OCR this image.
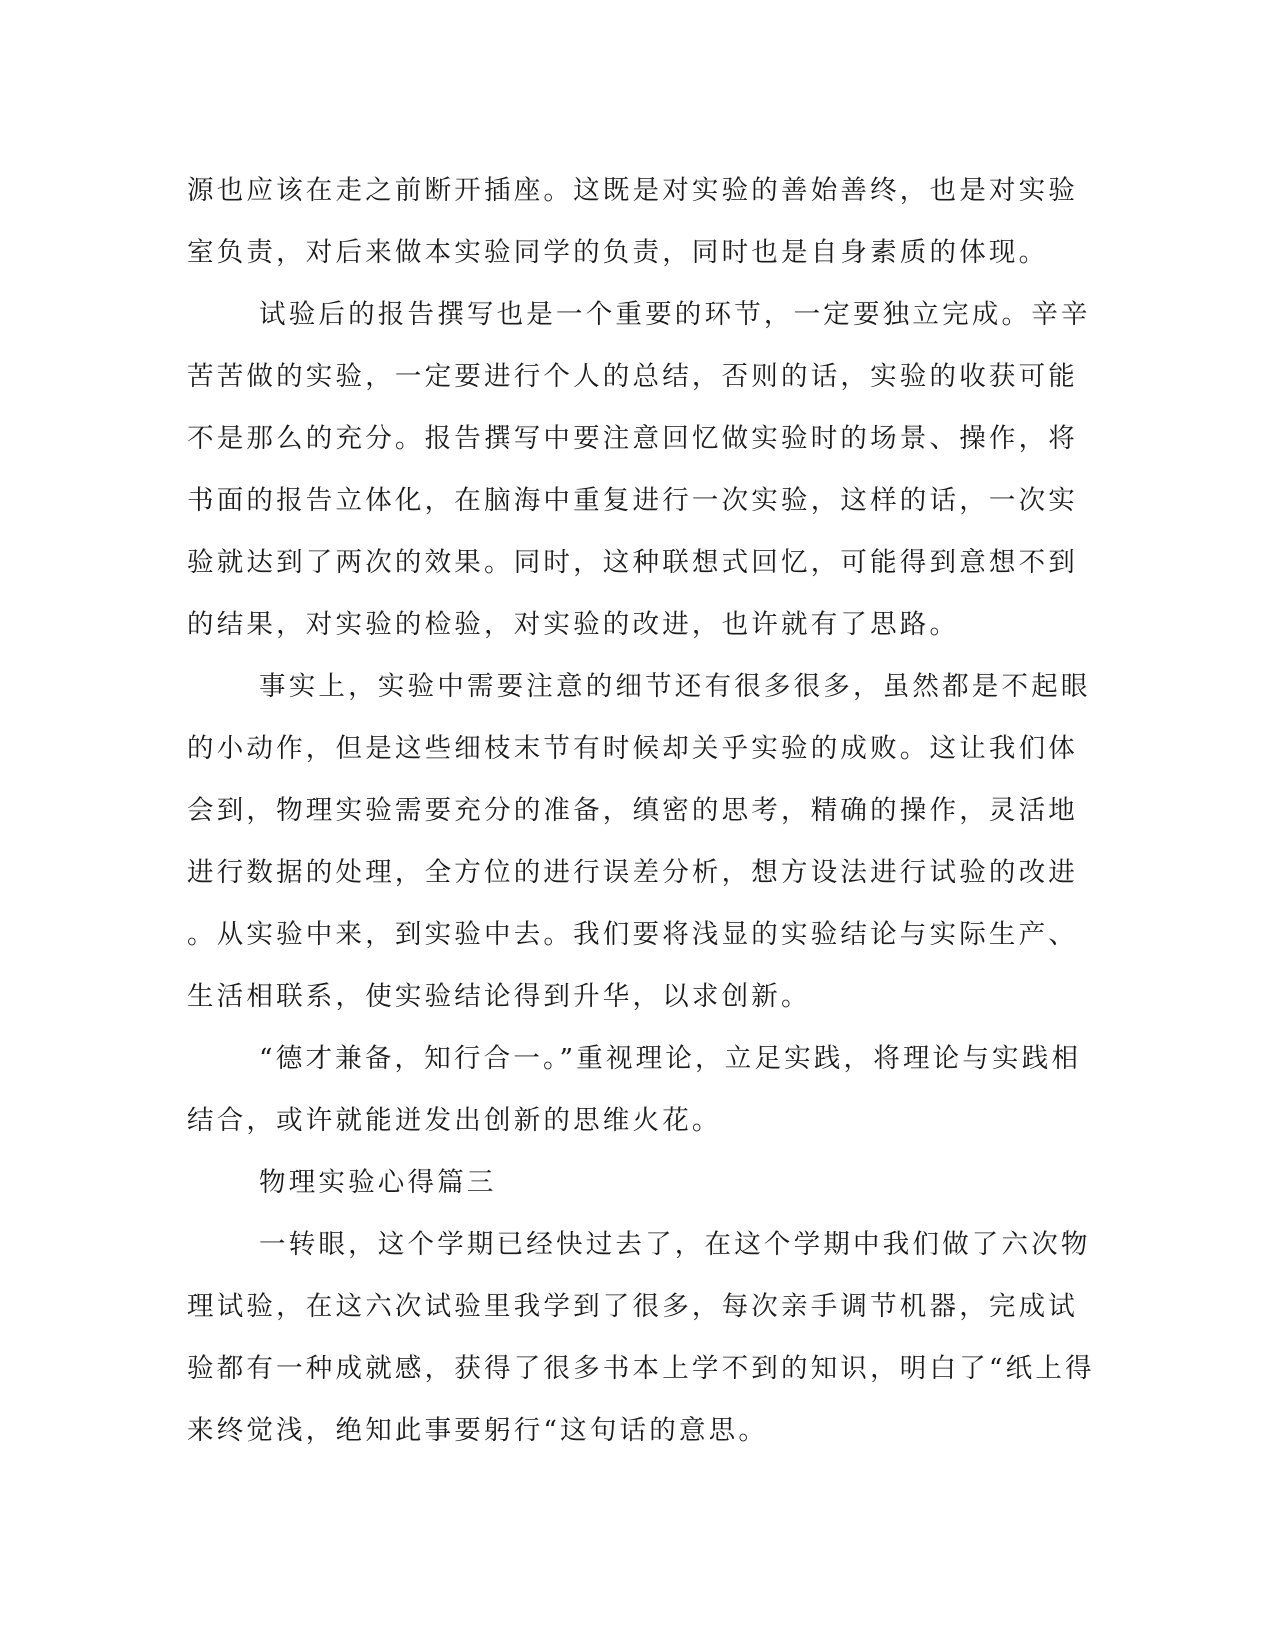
源也应该在走之前断开插座。这既是对实验的善始善终，也是对实验
室负责，对后来做本实验同学的负责，同时也是自身素质的体现。
试验后的报告撰写也是一个重要的环节，一定要独立完成。辛辛
苦苦做的实验，一定要进行个人的总结，否则的话，实验的收获可能
不是那么的充分。报告撰写中要注意回忆做实验时的场景、操作，将
书面的报告立体化，在脑海中重复进行一次实验，这样的话，一次实
验就达到了两次的效果。同时，这种联想式回忆，可能得到意想不到
的结果，对实验的检验，对实验的改进，也许就有了思路。
事实上，实验中需要注意的细节还有很多很多，虽然都是不起眼
的小动作，但是这些细枝末节有时候却关乎实验的成败。这让我们体
会到，物理实验需要充分的准备，缜密的思考，精确的操作，灵活地
进行数据的处理，全方位的进行误差分析，想方设法进行试验的改进
。从实验中来，到实验中去。我们要将浅显的实验结论与实际生产、
生活相联系，使实验结论得到升华，以求创新。
“德才兼备，知行合一。”重视理论，立足实践，将理论与实践相
结合，或许就能迸发出创新的思维火花。
物理实验心得篇三
一转眼，这个学期已经快过去了，在这个学期中我们做了六次物
理试验，在这六次试验里我学到了很多，每次亲手调节机器，完成试
验都有一种成就感，获得了很多书本上学不到的知识，明白了“纸上得
来终觉浅，绝知此事要躬行“这句话的意思。
